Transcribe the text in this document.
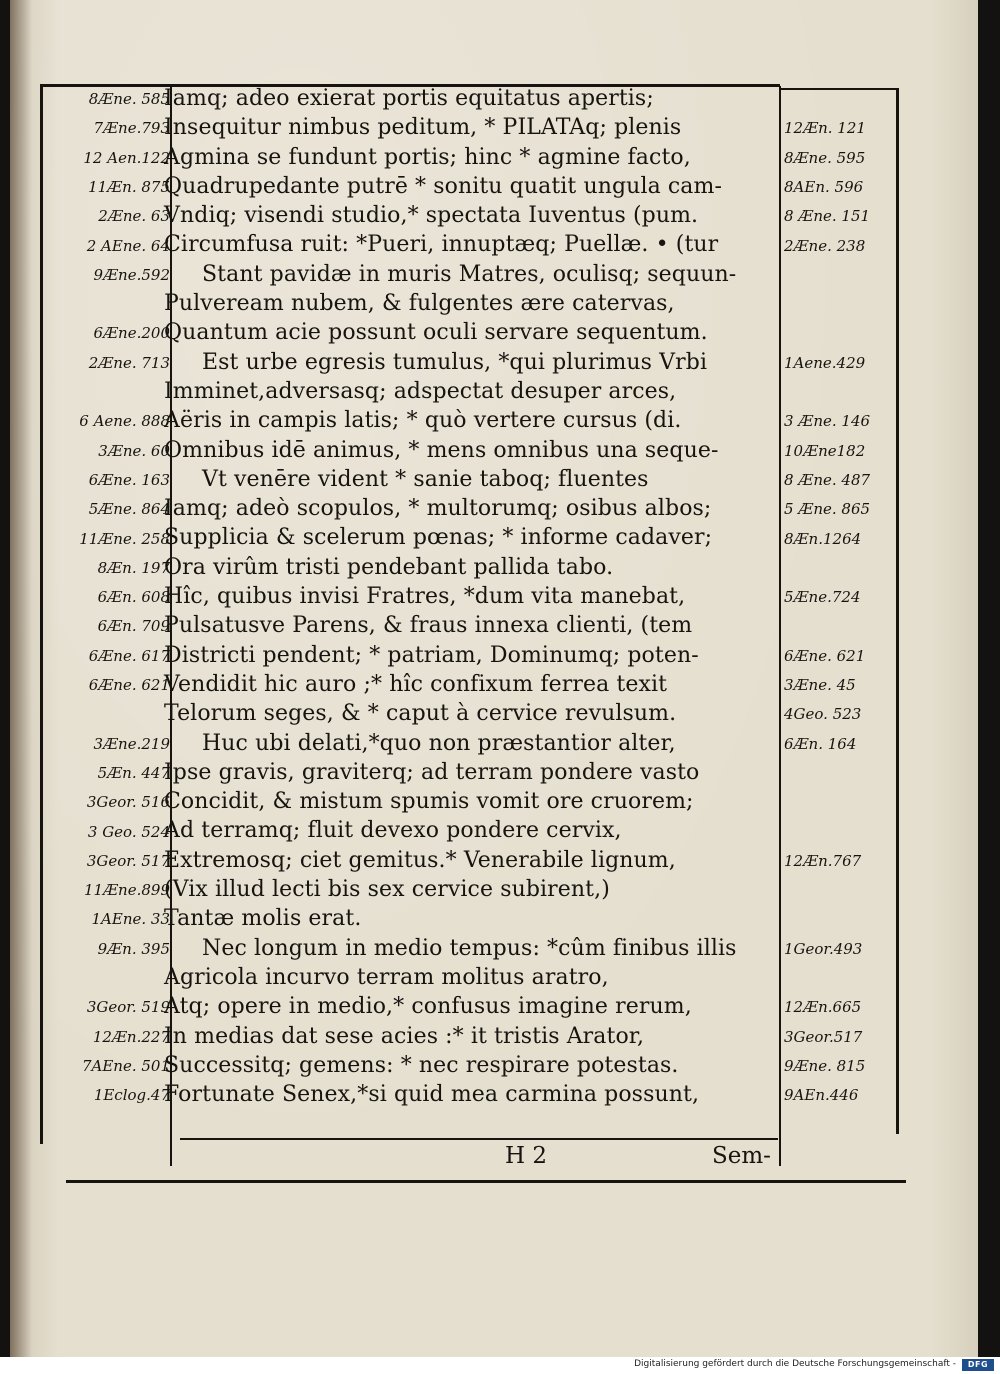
Iamq; adeo exierat portis equitatus apertis;
Insequitur nimbus peditum, * PILATAq; plenis
Agmina se fundunt portis; hinc * agmine facto,
Quadrupedante putrē * sonitu quatit ungula cam-
Vndiq; visendi studio,* spectata Iuventus (pum.
Circumfusa ruit: *Pueri, innuptæq; Puellæ. • (tur
Stant pavidæ in muris Matres, oculisq; sequun-
Pulveream nubem, & fulgentes ære catervas,
Quantum acie possunt oculi servare sequentum.
Est urbe egresis tumulus, *qui plurimus Vrbi
Imminet,adversasq; adspectat desuper arces,
Aëris in campis latis; * quò vertere cursus (di.
Omnibus idē animus, * mens omnibus una seque-
Vt venēre vident * sanie taboq; fluentes
Iamq; adeò scopulos, * multorumq; osibus albos;
Supplicia & scelerum pœnas; * informe cadaver;
Ora virûm tristi pendebant pallida tabo.
Hîc, quibus invisi Fratres, *dum vita manebat,
Pulsatusve Parens, & fraus innexa clienti, (tem
Districti pendent; * patriam, Dominumq; poten-
Vendidit hic auro ;* hîc confixum ferrea texit
Telorum seges, & * caput à cervice revulsum.
Huc ubi delati,*quo non præstantior alter,
Ipse gravis, graviterq; ad terram pondere vasto
Concidit, & mistum spumis vomit ore cruorem;
Ad terramq; fluit devexo pondere cervix,
Extremosq; ciet gemitus.* Venerabile lignum,
(Vix illud lecti bis sex cervice subirent,)
Tantæ molis erat.
Nec longum in medio tempus: *cûm finibus illis
Agricola incurvo terram molitus aratro,
Atq; opere in medio,* confusus imagine rerum,
In medias dat sese acies :* it tristis Arator,
Successitq; gemens: * nec respirare potestas.
Fortunate Senex,*si quid mea carmina possunt,
8Æne. 585
7Æne.793
12 Aen.122
11Æn. 875
2Æne. 63
2 AEne. 64
9Æne.592
6Æne.200
2Æne. 713
6 Aene. 888
3Æne. 60
6Æne. 163
5Æne. 864
11Æne. 258
8Æn. 197
6Æn. 608
6Æn. 709
6Æne. 617
6Æne. 621
3Æne.219
5Æn. 447
3Geor. 516
3 Geo. 524
3Geor. 517
11Æne.899
1AEne. 33
9Æn. 395
3Geor. 519
12Æn.227
7AEne. 501
1Eclog.47
12Æn. 121
8Æne. 595
8AEn. 596
8 Æne. 151
2Æne. 238
1Aene.429
3 Æne. 146
10Æne182
8 Æne. 487
5 Æne. 865
8Æn.1264
5Æne.724
6Æne. 621
3Æne. 45
4Geo. 523
6Æn. 164
12Æn.767
1Geor.493
12Æn.665
3Geor.517
9Æne. 815
9AEn.446
H 2	Sem-
Digitalisierung gefördert durch die Deutsche Forschungsgemeinschaft -	DFG
